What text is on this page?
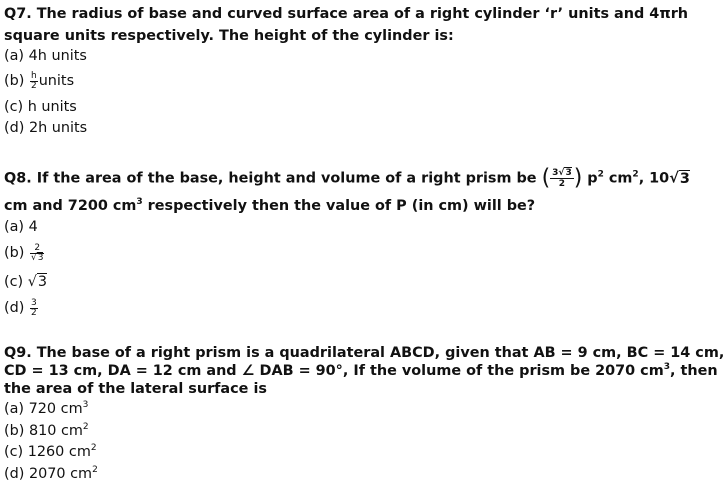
Q7. The radius of base and curved surface area of a right cylinder ‘r’ units and 4πrh
square units respectively. The height of the cylinder is:
(a) 4h units
$(b) \frac{h}{2}$ units
(c) h units
(d) 2h units
Q8. If the area of the base, height and volume of a right prism be ( $\frac{3√3}{2}$ ) $p^2$ $cm^2$, 10√3
cm and 7200 $cm^3$ respectively then the value of P (in cm) will be?
(a) 4
$(b) \frac{2}{√3}$
(c) √3
$(d) \frac{3}{2}$
Q9. The base of a right prism is a quadrilateral ABCD, given that AB = 9 cm, BC = 14 cm,
CD = 13 cm, DA = 12 cm and ∠ DAB = 90°, If the volume of the prism be 2070 $cm^3$, then
the area of the lateral surface is
(a) 720 $cm^3$
(b) 810 $cm^2$
(c) 1260 $cm^2$
(d) 2070 $cm^2$
